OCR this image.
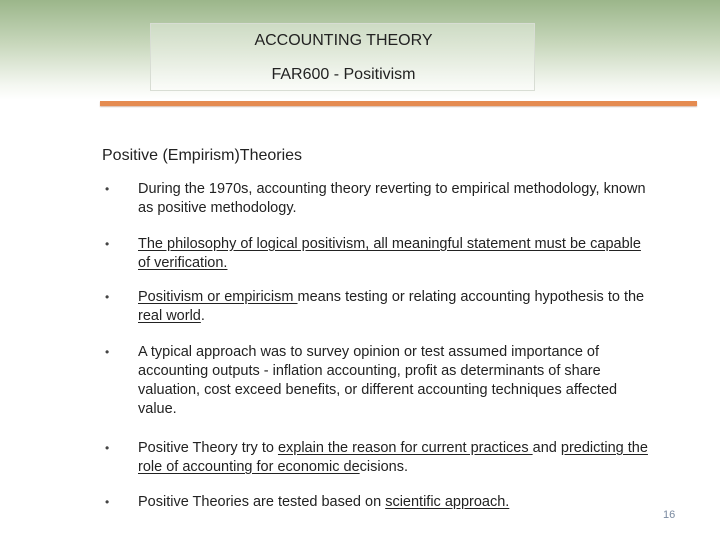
ACCOUNTING THEORY
FAR600 - Positivism
Positive (Empirism)Theories
• During the 1970s, accounting theory reverting to empirical methodology, known as positive methodology.
• The philosophy of logical positivism, all meaningful statement must be capable of verification.
• Positivism or empiricism means testing or relating accounting hypothesis to the real world.
• A typical approach was to survey opinion or test assumed importance of accounting outputs - inflation accounting, profit as determinants of share valuation, cost exceed benefits, or different accounting techniques affected value.
• Positive Theory try to explain the reason for current practices and predicting the role of accounting for economic decisions.
• Positive Theories are tested based on scientific approach.
16
